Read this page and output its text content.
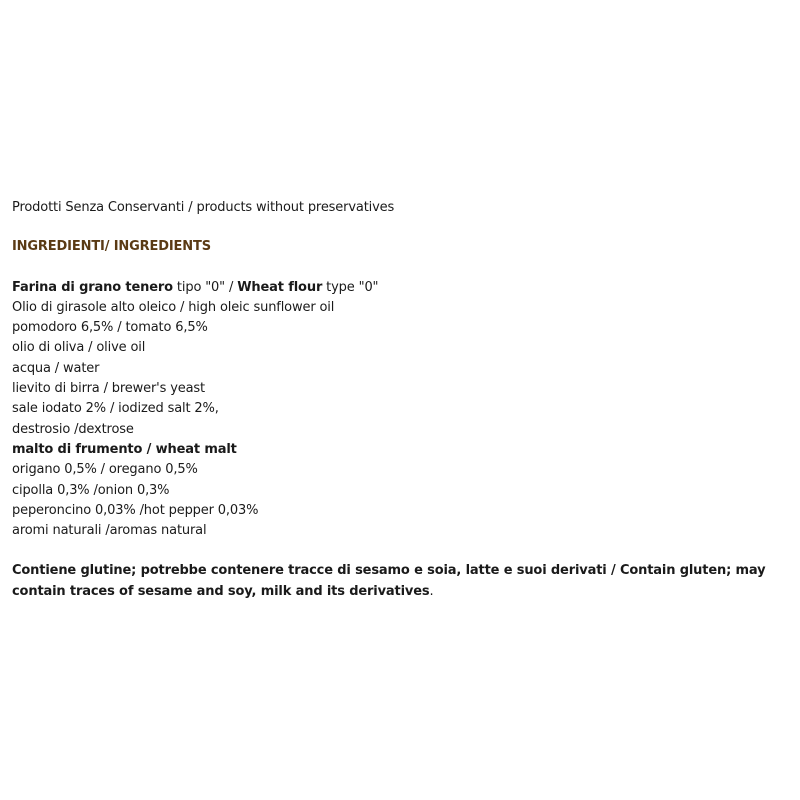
Prodotti Senza Conservanti / products without preservatives
INGREDIENTI/ INGREDIENTS
Farina di grano tenero tipo "0" / Wheat flour type "0"
Olio di girasole alto oleico / high oleic sunflower oil
pomodoro 6,5% / tomato 6,5%
olio di oliva / olive oil
acqua / water
lievito di birra / brewer's yeast
sale iodato 2% / iodized salt 2%,
destrosio /dextrose
malto di frumento / wheat malt
origano 0,5% / oregano 0,5%
cipolla 0,3% /onion 0,3%
peperoncino 0,03% /hot pepper 0,03%
aromi naturali /aromas natural
Contiene glutine; potrebbe contenere tracce di sesamo e soia, latte e suoi derivati / Contain gluten; may contain traces of sesame and soy, milk and its derivatives.
